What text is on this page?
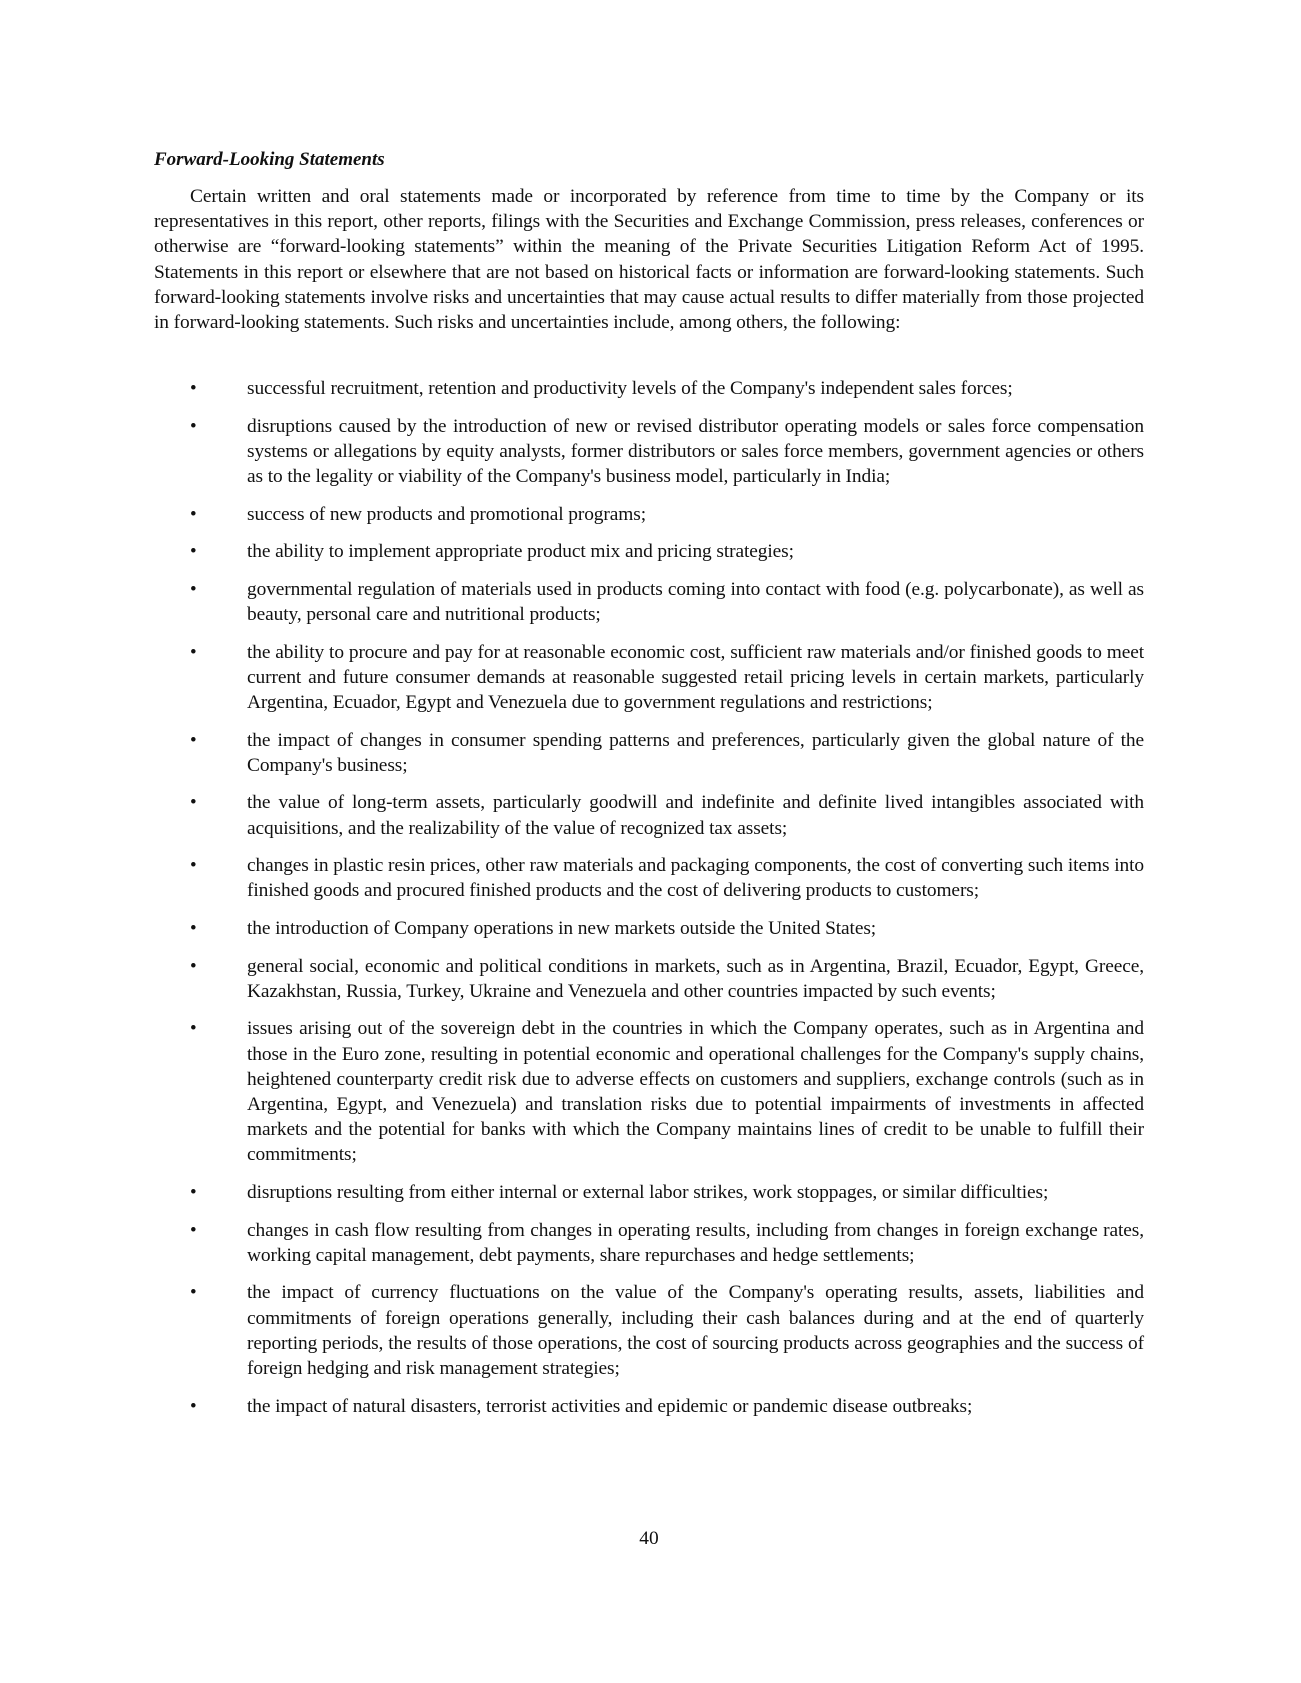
Forward-Looking Statements

Certain written and oral statements made or incorporated by reference from time to time by the Company or its representatives in this report, other reports, filings with the Securities and Exchange Commission, press releases, conferences or otherwise are “forward-looking statements” within the meaning of the Private Securities Litigation Reform Act of 1995. Statements in this report or elsewhere that are not based on historical facts or information are forward-looking statements. Such forward-looking statements involve risks and uncertainties that may cause actual results to differ materially from those projected in forward-looking statements. Such risks and uncertainties include, among others, the following:

•	successful recruitment, retention and productivity levels of the Company's independent sales forces;
•	disruptions caused by the introduction of new or revised distributor operating models or sales force compensation systems or allegations by equity analysts, former distributors or sales force members, government agencies or others as to the legality or viability of the Company's business model, particularly in India;
•	success of new products and promotional programs;
•	the ability to implement appropriate product mix and pricing strategies;
•	governmental regulation of materials used in products coming into contact with food (e.g. polycarbonate), as well as beauty, personal care and nutritional products;
•	the ability to procure and pay for at reasonable economic cost, sufficient raw materials and/or finished goods to meet current and future consumer demands at reasonable suggested retail pricing levels in certain markets, particularly Argentina, Ecuador, Egypt and Venezuela due to government regulations and restrictions;
•	the impact of changes in consumer spending patterns and preferences, particularly given the global nature of the Company's business;
•	the value of long-term assets, particularly goodwill and indefinite and definite lived intangibles associated with acquisitions, and the realizability of the value of recognized tax assets;
•	changes in plastic resin prices, other raw materials and packaging components, the cost of converting such items into finished goods and procured finished products and the cost of delivering products to customers;
•	the introduction of Company operations in new markets outside the United States;
•	general social, economic and political conditions in markets, such as in Argentina, Brazil, Ecuador, Egypt, Greece, Kazakhstan, Russia, Turkey, Ukraine and Venezuela and other countries impacted by such events;
•	issues arising out of the sovereign debt in the countries in which the Company operates, such as in Argentina and those in the Euro zone, resulting in potential economic and operational challenges for the Company's supply chains, heightened counterparty credit risk due to adverse effects on customers and suppliers, exchange controls (such as in Argentina, Egypt, and Venezuela) and translation risks due to potential impairments of investments in affected markets and the potential for banks with which the Company maintains lines of credit to be unable to fulfill their commitments;
•	disruptions resulting from either internal or external labor strikes, work stoppages, or similar difficulties;
•	changes in cash flow resulting from changes in operating results, including from changes in foreign exchange rates, working capital management, debt payments, share repurchases and hedge settlements;
•	the impact of currency fluctuations on the value of the Company's operating results, assets, liabilities and commitments of foreign operations generally, including their cash balances during and at the end of quarterly reporting periods, the results of those operations, the cost of sourcing products across geographies and the success of foreign hedging and risk management strategies;
•	the impact of natural disasters, terrorist activities and epidemic or pandemic disease outbreaks;
40
